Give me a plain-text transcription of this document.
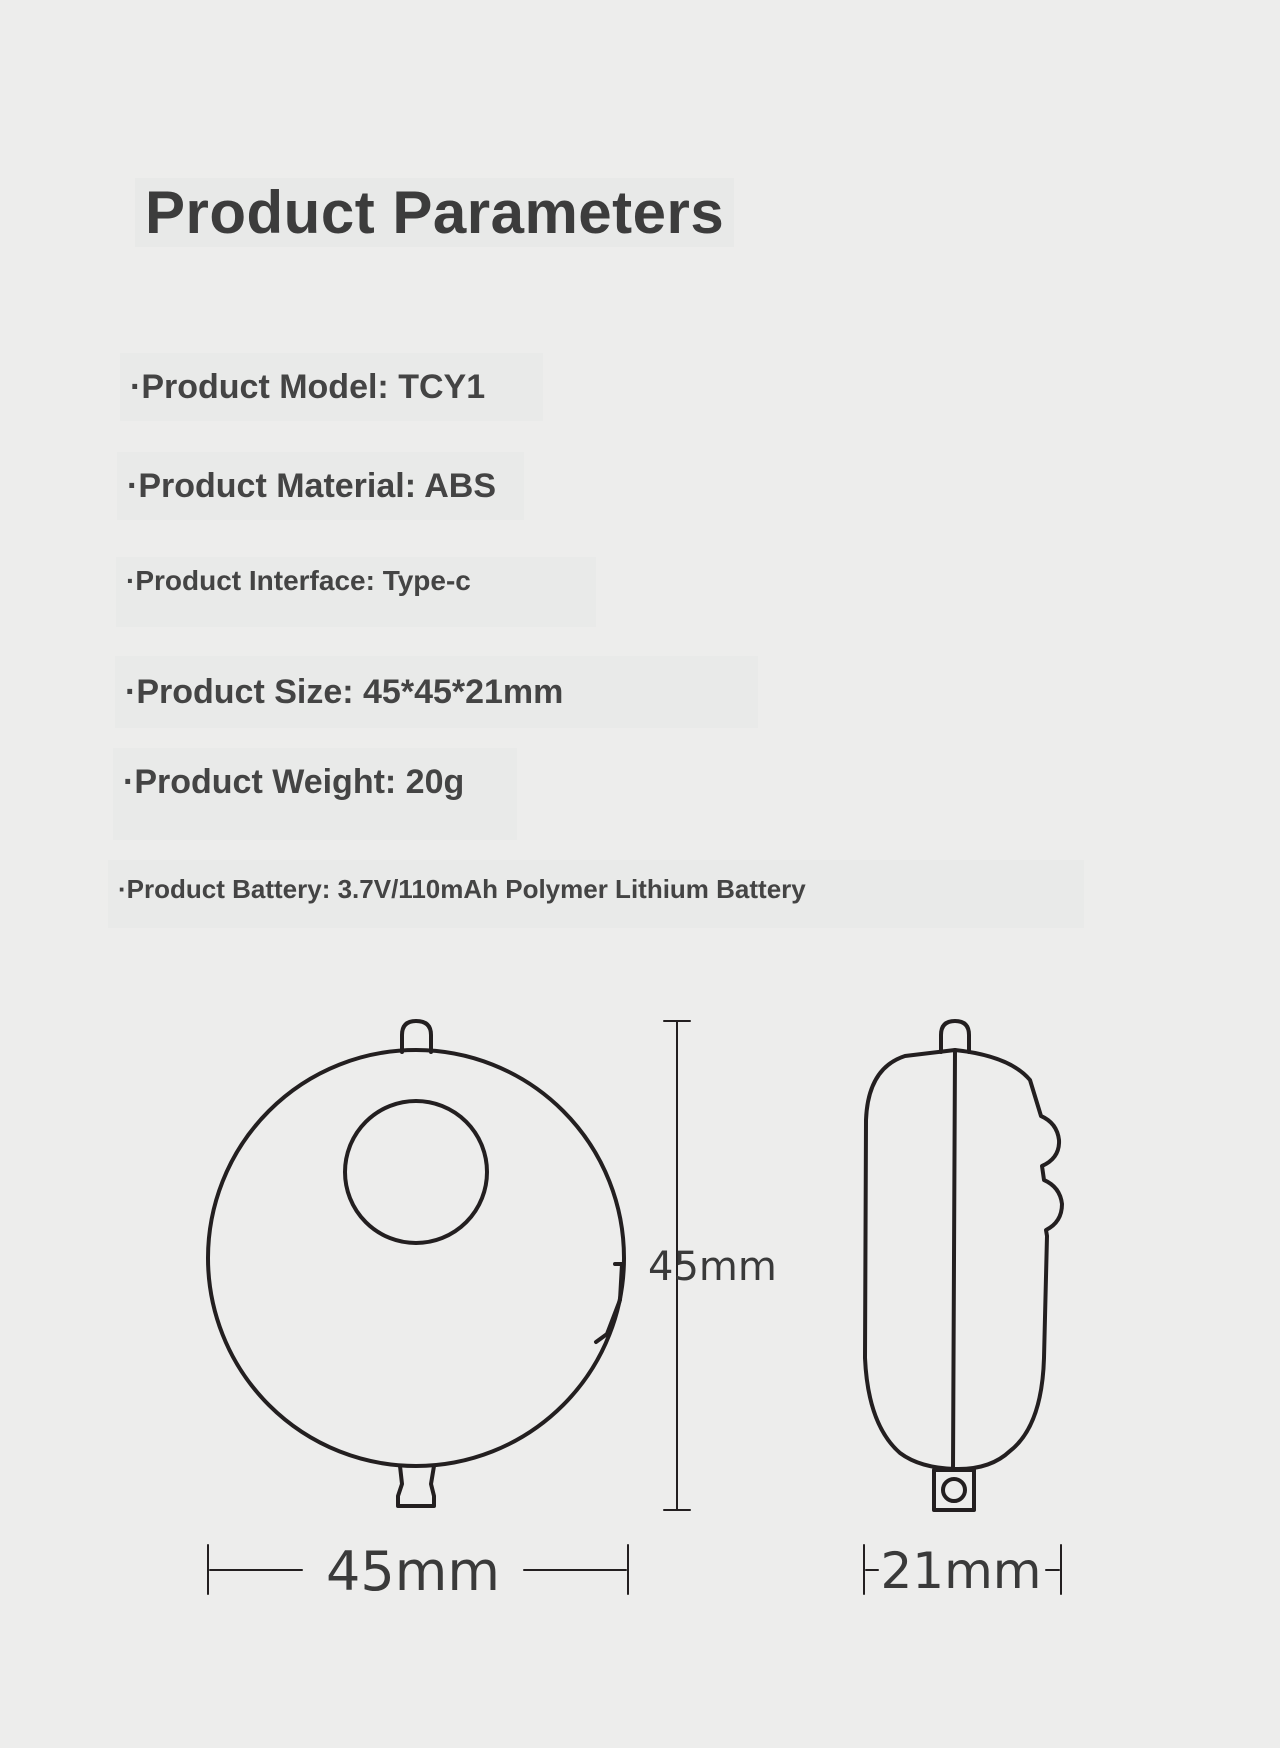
Product Parameters
·Product Model: TCY1
·Product Material: ABS
·Product Interface: Type-c
·Product Size: 45*45*21mm
·Product Weight: 20g
·Product Battery: 3.7V/110mAh Polymer Lithium Battery
45mm
45mm	21mm
